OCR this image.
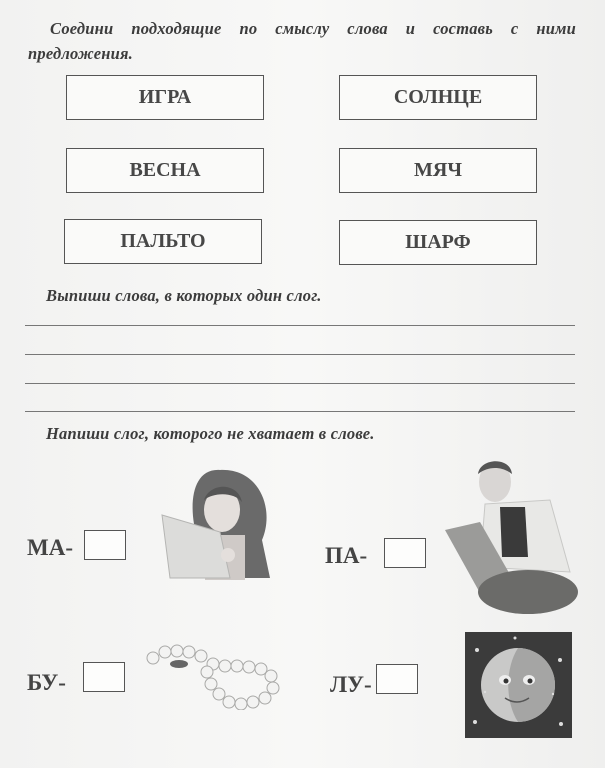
Соедини подходящие по смыслу слова и составь с ними
предложения.
ИГРА	СОЛНЦЕ
ВЕСНА	МЯЧ
ПАЛЬТО	ШАРФ
Выпиши слова, в которых один слог.
Напиши слог, которого не хватает в слове.
МА-	ПА-
БУ-	ЛУ-
